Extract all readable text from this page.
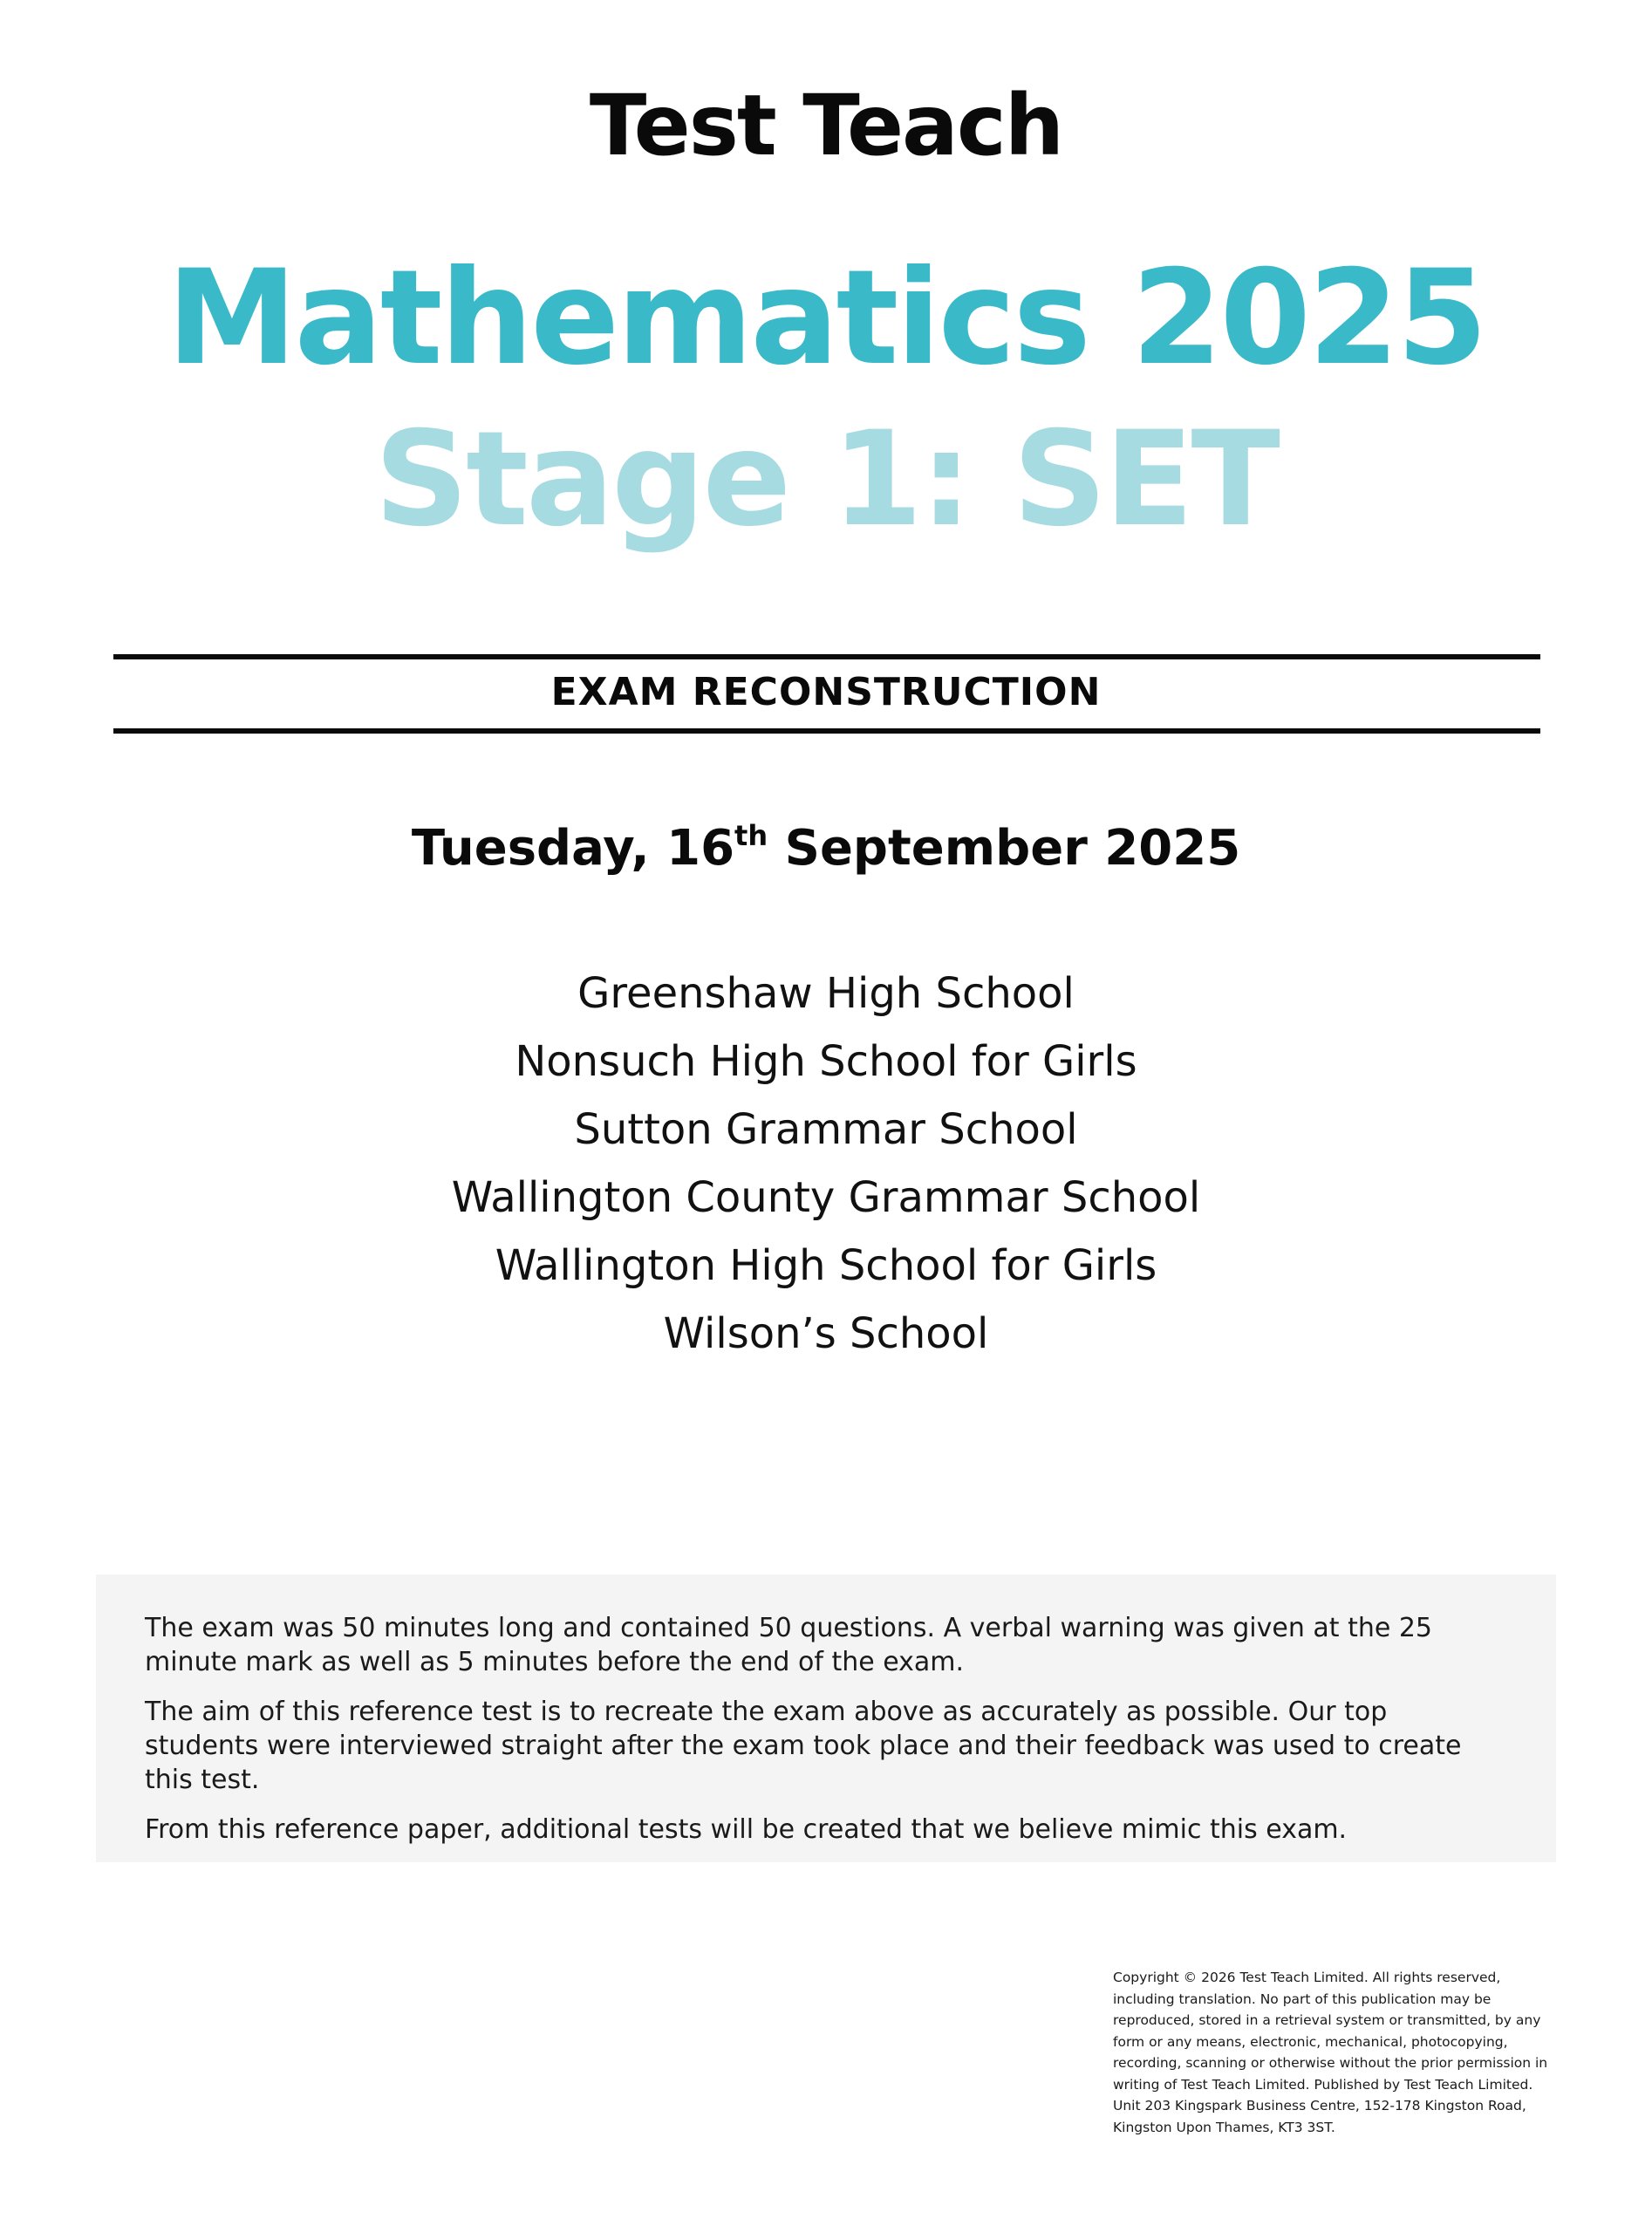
Test Teach
Mathematics 2025
Stage 1: SET
EXAM RECONSTRUCTION
Tuesday, 16th September 2025
Greenshaw High School
Nonsuch High School for Girls
Sutton Grammar School
Wallington County Grammar School
Wallington High School for Girls
Wilson’s School

The exam was 50 minutes long and contained 50 questions. A verbal warning was given at the 25 minute mark as well as 5 minutes before the end of the exam.

The aim of this reference test is to recreate the exam above as accurately as possible. Our top students were interviewed straight after the exam took place and their feedback was used to create this test.

From this reference paper, additional tests will be created that we believe mimic this exam.

Copyright © 2026 Test Teach Limited. All rights reserved, including translation. No part of this publication may be reproduced, stored in a retrieval system or transmitted, by any form or any means, electronic, mechanical, photocopying, recording, scanning or otherwise without the prior permission in writing of Test Teach Limited. Published by Test Teach Limited. Unit 203 Kingspark Business Centre, 152-178 Kingston Road, Kingston Upon Thames, KT3 3ST.
